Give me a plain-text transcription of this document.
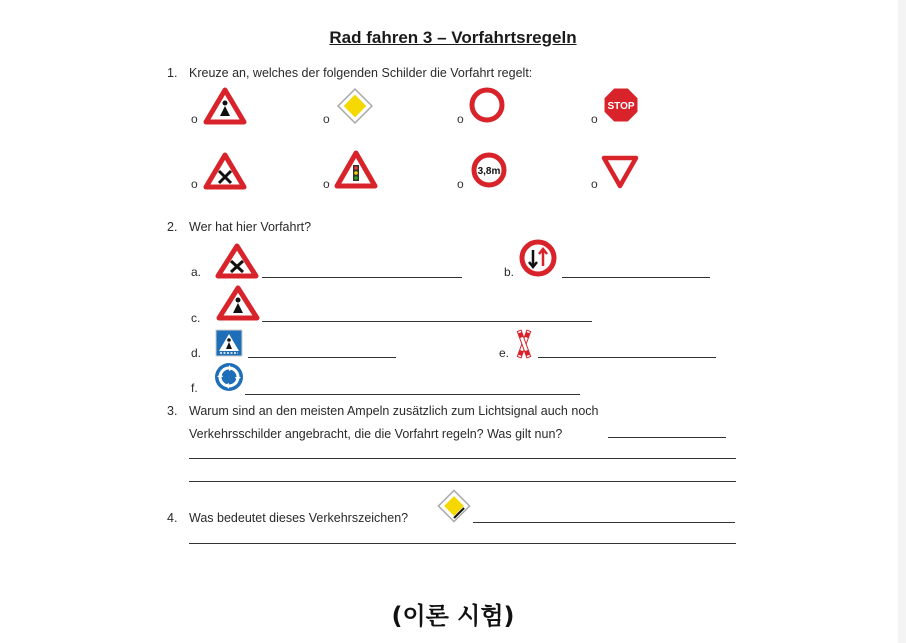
Rad fahren 3 – Vorfahrtsregeln
1. Kreuze an, welches der folgenden Schilder die Vorfahrt regelt:
o	o	o	o
o	o	o	o
STOP
3,8m
2. Wer hat hier Vorfahrt?
a.	b.
c.
d.	e.
f.
3. Warum sind an den meisten Ampeln zusätzlich zum Lichtsignal auch noch
Verkehrsschilder angebracht, die die Vorfahrt regeln? Was gilt nun?
4. Was bedeutet dieses Verkehrszeichen?
(이론 시험)
